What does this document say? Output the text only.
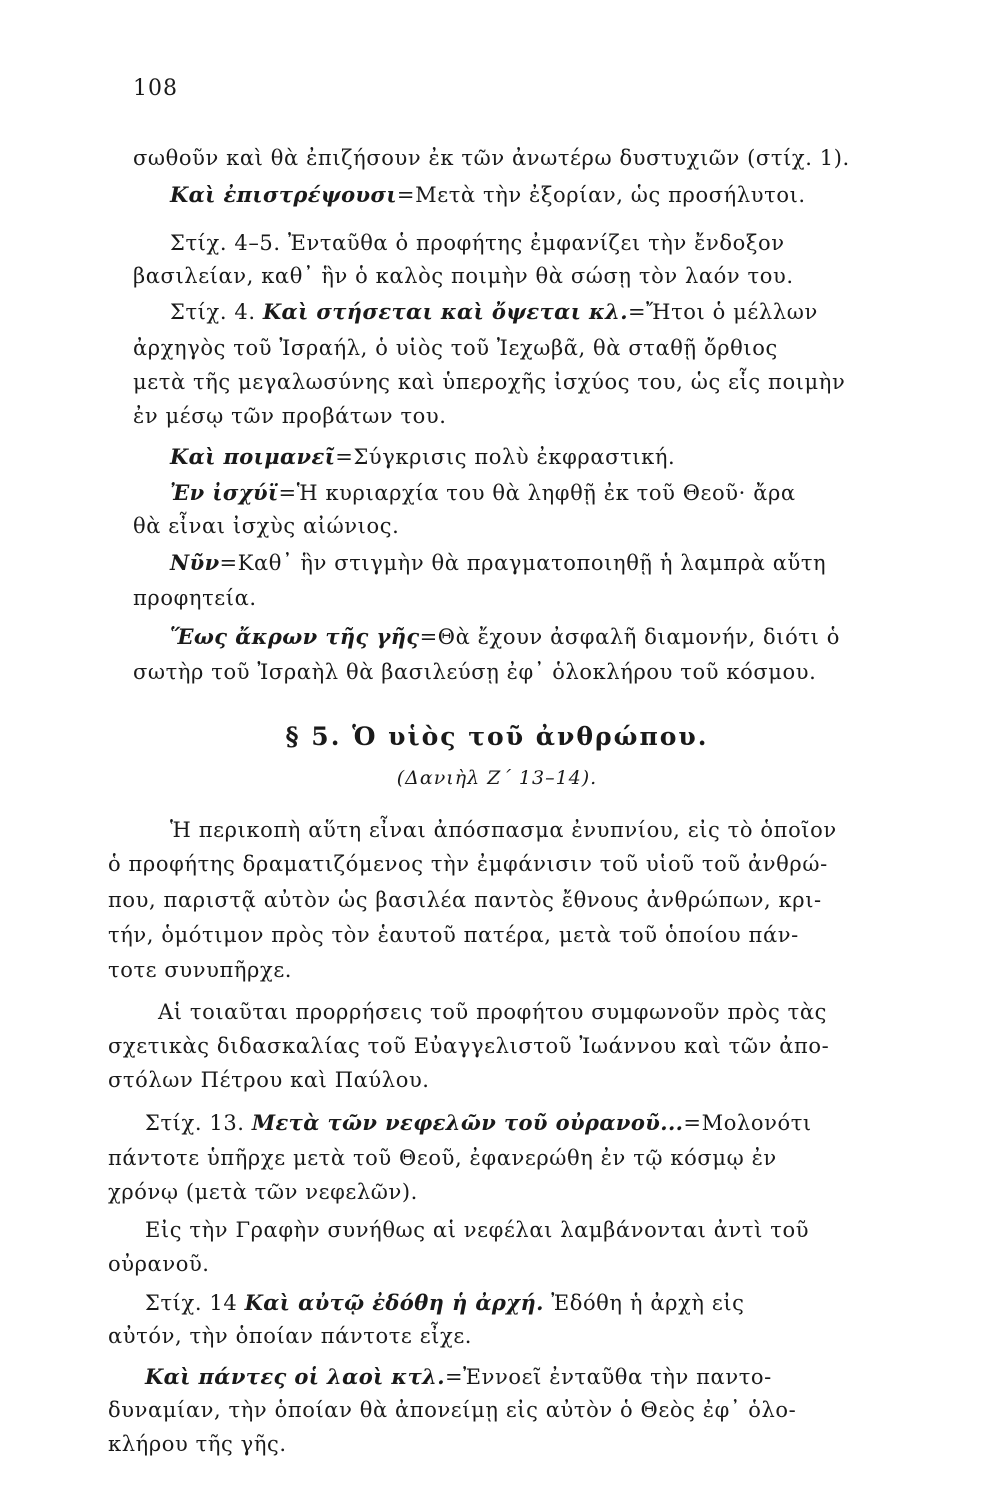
108
σωθοῦν καὶ θὰ ἐπιζήσουν ἐκ τῶν ἀνωτέρω δυστυχιῶν (στίχ. 1).
Καὶ ἐπιστρέψουσι=Μετὰ τὴν ἐξορίαν, ὡς προσήλυτοι.
Στίχ. 4–5. Ἐνταῦθα ὁ προφήτης ἐμφανίζει τὴν ἔνδοξον
βασιλείαν, καθ᾽ ἣν ὁ καλὸς ποιμὴν θὰ σώσῃ τὸν λαόν του.
Στίχ. 4. Καὶ στήσεται καὶ ὄψεται κλ.=Ἤτοι ὁ μέλλων
ἀρχηγὸς τοῦ Ἰσραήλ, ὁ υἱὸς τοῦ Ἰεχωβᾶ, θὰ σταθῇ ὄρθιος
μετὰ τῆς μεγαλωσύνης καὶ ὑπεροχῆς ἰσχύος του, ὡς εἷς ποιμὴν
ἐν μέσῳ τῶν προβάτων του.
Καὶ ποιμανεῖ=Σύγκρισις πολὺ ἐκφραστική.
Ἐν ἰσχύϊ=Ἡ κυριαρχία του θὰ ληφθῇ ἐκ τοῦ Θεοῦ· ἄρα
θὰ εἶναι ἰσχὺς αἰώνιος.
Νῦν=Καθ᾽ ἣν στιγμὴν θὰ πραγματοποιηθῇ ἡ λαμπρὰ αὕτη
προφητεία.
Ἕως ἄκρων τῆς γῆς=Θὰ ἔχουν ἀσφαλῆ διαμονήν, διότι ὁ
σωτὴρ τοῦ Ἰσραὴλ θὰ βασιλεύσῃ ἐφ᾽ ὁλοκλήρου τοῦ κόσμου.
§ 5. Ὁ υἱὸς τοῦ ἀνθρώπου.
(Δανιὴλ Ζ΄ 13–14).
Ἡ περικοπὴ αὕτη εἶναι ἀπόσπασμα ἐνυπνίου, εἰς τὸ ὁποῖον
ὁ προφήτης δραματιζόμενος τὴν ἐμφάνισιν τοῦ υἱοῦ τοῦ ἀνθρώ-
που, παριστᾷ αὐτὸν ὡς βασιλέα παντὸς ἔθνους ἀνθρώπων, κρι-
τήν, ὁμότιμον πρὸς τὸν ἑαυτοῦ πατέρα, μετὰ τοῦ ὁποίου πάν-
τοτε συνυπῆρχε.
Αἱ τοιαῦται προρρήσεις τοῦ προφήτου συμφωνοῦν πρὸς τὰς
σχετικὰς διδασκαλίας τοῦ Εὐαγγελιστοῦ Ἰωάννου καὶ τῶν ἀπο-
στόλων Πέτρου καὶ Παύλου.
Στίχ. 13. Μετὰ τῶν νεφελῶν τοῦ οὐρανοῦ...=Μολονότι
πάντοτε ὑπῆρχε μετὰ τοῦ Θεοῦ, ἐφανερώθη ἐν τῷ κόσμῳ ἐν
χρόνῳ (μετὰ τῶν νεφελῶν).
Εἰς τὴν Γραφὴν συνήθως αἱ νεφέλαι λαμβάνονται ἀντὶ τοῦ
οὐρανοῦ.
Στίχ. 14 Καὶ αὐτῷ ἐδόθη ἡ ἀρχή. Ἐδόθη ἡ ἀρχὴ εἰς
αὐτόν, τὴν ὁποίαν πάντοτε εἶχε.
Καὶ πάντες οἱ λαοὶ κτλ.=Ἐννοεῖ ἐνταῦθα τὴν παντο-
δυναμίαν, τὴν ὁποίαν θὰ ἀπονείμῃ εἰς αὐτὸν ὁ Θεὸς ἐφ᾽ ὁλο-
κλήρου τῆς γῆς.
